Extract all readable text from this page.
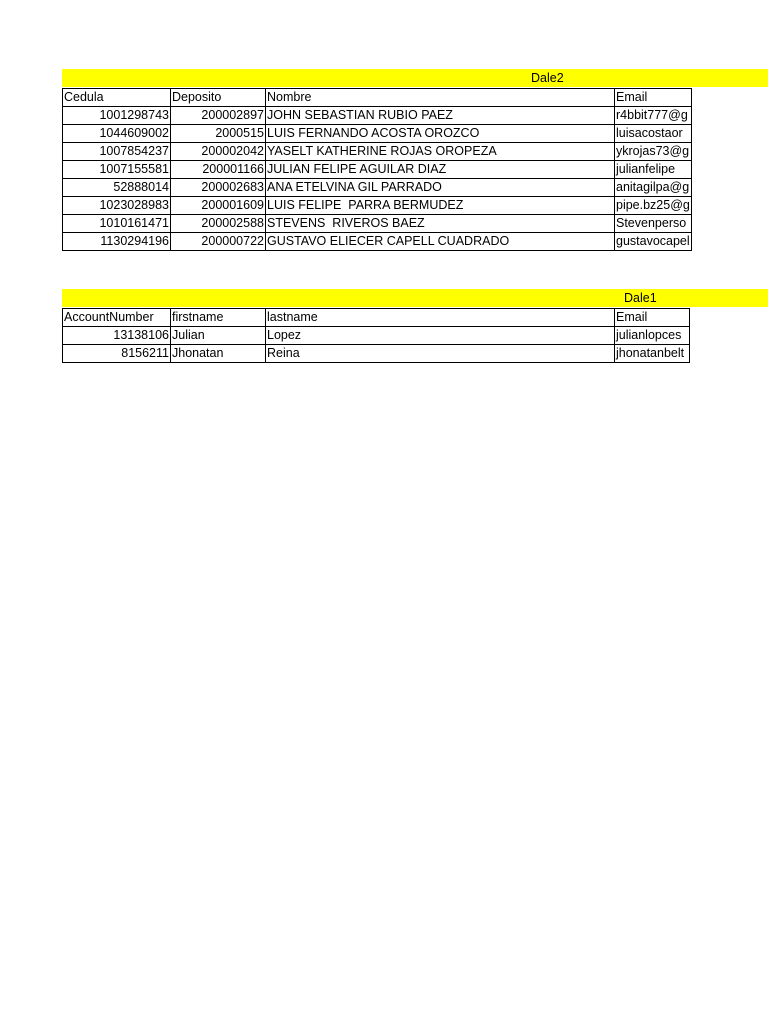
Dale2
Cedula	Deposito	Nombre	Email
1001298743	200002897	JOHN SEBASTIAN RUBIO PAEZ	r4bbit777@g
1044609002	2000515	LUIS FERNANDO ACOSTA OROZCO	luisacostaor
1007854237	200002042	YASELT KATHERINE ROJAS OROPEZA	ykrojas73@g
1007155581	200001166	JULIAN FELIPE AGUILAR DIAZ	julianfelipe
52888014	200002683	ANA ETELVINA GIL PARRADO	anitagilpa@g
1023028983	200001609	LUIS FELIPE  PARRA BERMUDEZ	pipe.bz25@g
1010161471	200002588	STEVENS  RIVEROS BAEZ	Stevenperso
1130294196	200000722	GUSTAVO ELIECER CAPELL CUADRADO	gustavocapel
Dale1
AccountNumber	firstname	lastname	Email
13138106	Julian	Lopez	julianlopces
8156211	Jhonatan	Reina	jhonatanbelt
